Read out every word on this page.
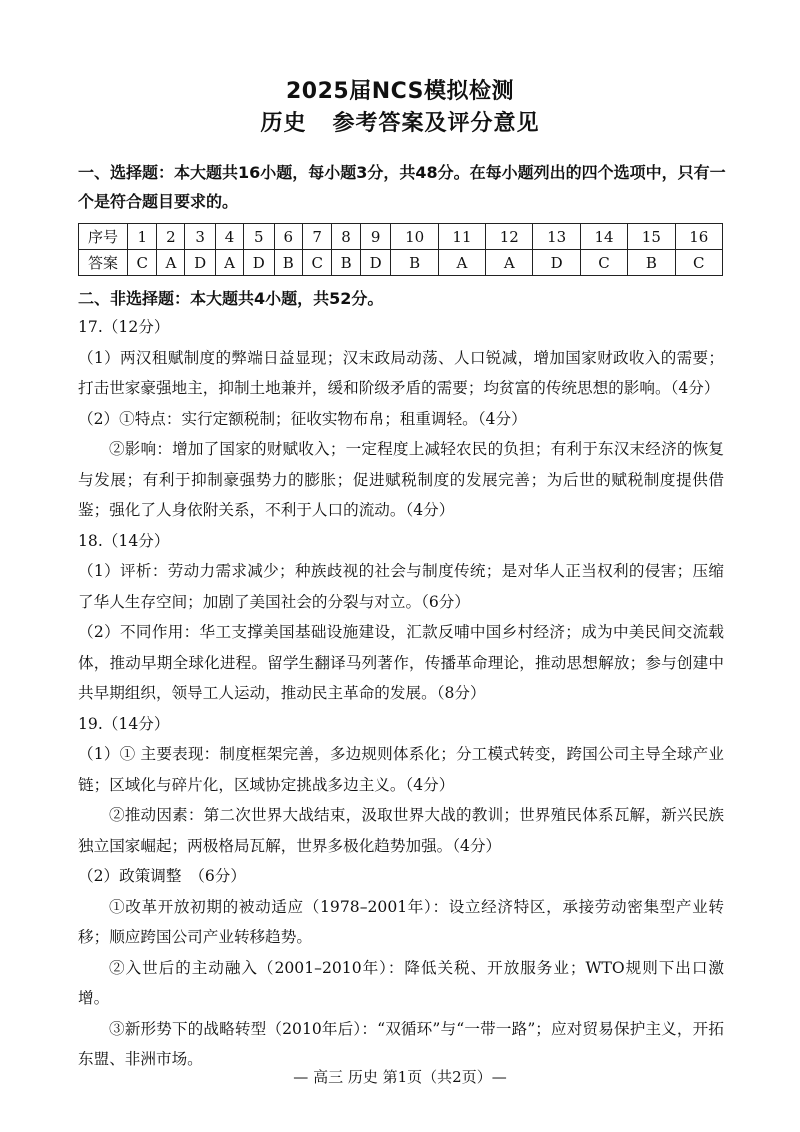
2025届NCS模拟检测
历史 参考答案及评分意见
一、选择题：本大题共16小题，每小题3分，共48分。在每小题列出的四个选项中，只有一个是符合题目要求的。
序号	1	2	3	4	5	6	7	8	9	10	11	12	13	14	15	16
答案	C	A	D	A	D	B	C	B	D	B	A	A	D	C	B	C
二、非选择题：本大题共4小题，共52分。

17.（12分）

（1）两汉租赋制度的弊端日益显现；汉末政局动荡、人口锐减，增加国家财政收入的需要；打击世家豪强地主，抑制土地兼并，缓和阶级矛盾的需要；均贫富的传统思想的影响。（4分）

（2）①特点：实行定额税制；征收实物布帛；租重调轻。（4分）

②影响：增加了国家的财赋收入；一定程度上减轻农民的负担；有利于东汉末经济的恢复与发展；有利于抑制豪强势力的膨胀；促进赋税制度的发展完善；为后世的赋税制度提供借鉴；强化了人身依附关系，不利于人口的流动。（4分）

18.（14分）

（1）评析：劳动力需求减少；种族歧视的社会与制度传统；是对华人正当权利的侵害；压缩了华人生存空间；加剧了美国社会的分裂与对立。（6分）

（2）不同作用：华工支撑美国基础设施建设，汇款反哺中国乡村经济；成为中美民间交流载体，推动早期全球化进程。留学生翻译马列著作，传播革命理论，推动思想解放；参与创建中共早期组织，领导工人运动，推动民主革命的发展。（8分）

19.（14分）

（1）① 主要表现：制度框架完善，多边规则体系化；分工模式转变，跨国公司主导全球产业链；区域化与碎片化，区域协定挑战多边主义。（4分）

②推动因素：第二次世界大战结束，汲取世界大战的教训；世界殖民体系瓦解，新兴民族独立国家崛起；两极格局瓦解，世界多极化趋势加强。（4分）

（2）政策调整　（6分）

①改革开放初期的被动适应（1978–2001年）：设立经济特区，承接劳动密集型产业转移；顺应跨国公司产业转移趋势。

②入世后的主动融入（2001–2010年）：降低关税、开放服务业；WTO规则下出口激增。

③新形势下的战略转型（2010年后）：“双循环”与“一带一路”；应对贸易保护主义，开拓东盟、非洲市场。

— 高三 历史 第1页（共2页）—
